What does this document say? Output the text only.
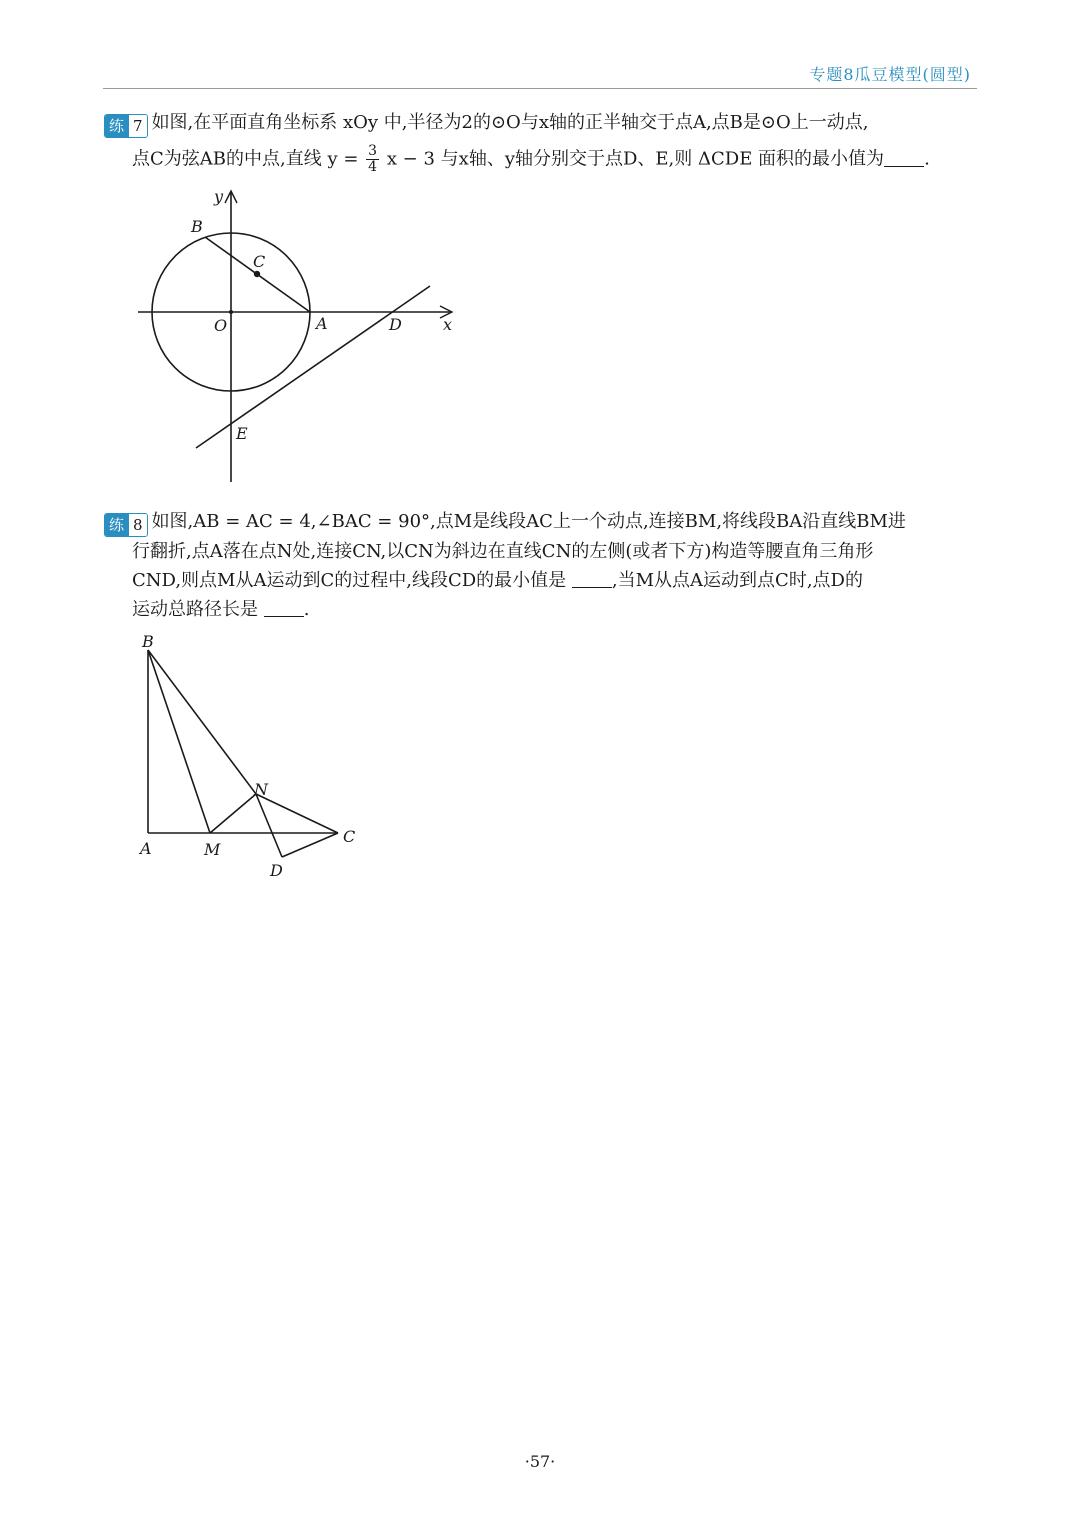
专题8瓜豆模型(圆型)
练 7 如图,在平面直角坐标系 xOy 中,半径为2的⊙O与x轴的正半轴交于点A,点B是⊙O上一动点,
点C为弦AB的中点,直线 $y = \frac{3}{4}$ x − 3 与x轴、y轴分别交于点D、E,则 ΔCDE 面积的最小值为 .
y
x
B
C
O	A	D
E
练 8 如图,AB = AC = 4,∠BAC = 90°,点M是线段AC上一个动点,连接BM,将线段BA沿直线BM进
行翻折,点A落在点N处,连接CN,以CN为斜边在直线CN的左侧(或者下方)构造等腰直角三角形
CND,则点M从A运动到C的过程中,线段CD的最小值是	,当M从点A运动到点C时,点D的
运动总路径长是	.
B
N
C
A	M
D
·57·
